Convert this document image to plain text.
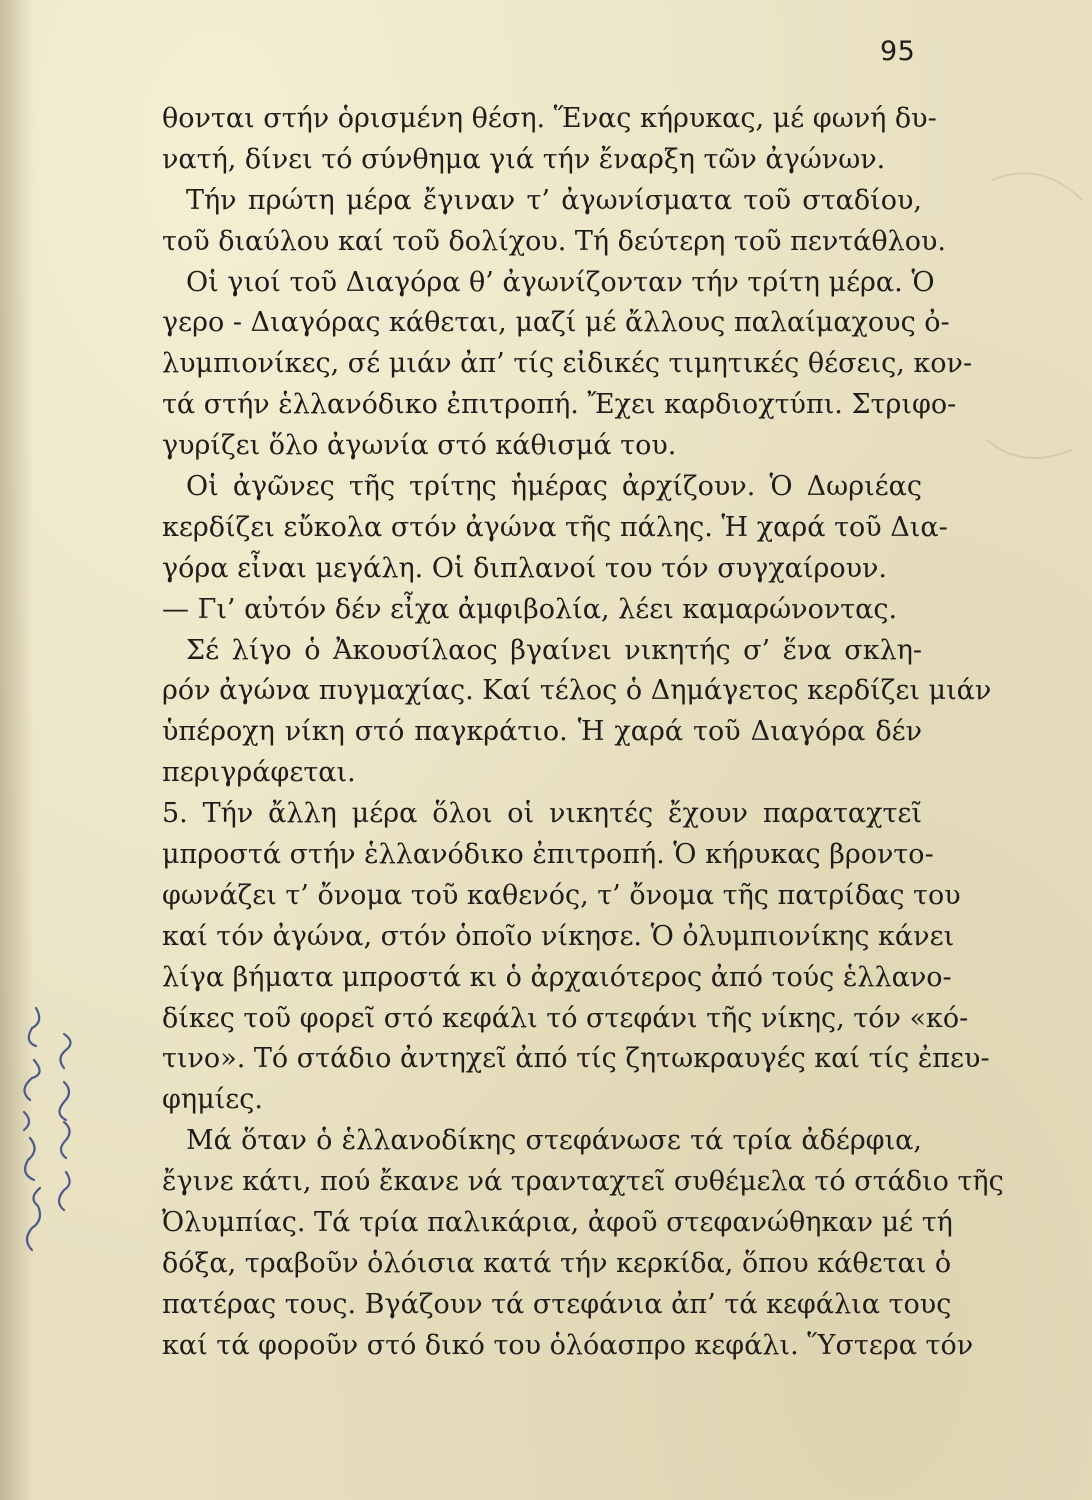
95
θονται στήν ὁρισμένη θέση. Ἕνας κήρυκας, μέ φωνή δυ-
νατή, δίνει τό σύνθημα γιά τήν ἔναρξη τῶν ἀγώνων.
Τήν πρώτη μέρα ἔγιναν τ’ ἀγωνίσματα τοῦ σταδίου,
τοῦ διαύλου καί τοῦ δολίχου. Τή δεύτερη τοῦ πεντάθλου.
Οἱ γιοί τοῦ Διαγόρα θ’ ἀγωνίζονταν τήν τρίτη μέρα. Ὁ
γερο - Διαγόρας κάθεται, μαζί μέ ἄλλους παλαίμαχους ὀ-
λυμπιονίκες, σέ μιάν ἀπ’ τίς εἰδικές τιμητικές θέσεις, κον-
τά στήν ἑλλανόδικο ἐπιτροπή. Ἔχει καρδιοχτύπι. Στριφο-
γυρίζει ὅλο ἀγωνία στό κάθισμά του.
Οἱ ἀγῶνες τῆς τρίτης ἡμέρας ἀρχίζουν. Ὁ Δωριέας
κερδίζει εὔκολα στόν ἀγώνα τῆς πάλης. Ἡ χαρά τοῦ Δια-
γόρα εἶναι μεγάλη. Οἱ διπλανοί του τόν συγχαίρουν.
— Γι’ αὐτόν δέν εἶχα ἀμφιβολία, λέει καμαρώνοντας.
Σέ λίγο ὁ Ἀκουσίλαος βγαίνει νικητής σ’ ἕνα σκλη-
ρόν ἀγώνα πυγμαχίας. Καί τέλος ὁ Δημάγετος κερδίζει μιάν
ὑπέροχη νίκη στό παγκράτιο. Ἡ χαρά τοῦ Διαγόρα δέν
περιγράφεται.
5. Τήν ἄλλη μέρα ὅλοι οἱ νικητές ἔχουν παραταχτεῖ
μπροστά στήν ἑλλανόδικο ἐπιτροπή. Ὁ κήρυκας βροντο-
φωνάζει τ’ ὄνομα τοῦ καθενός, τ’ ὄνομα τῆς πατρίδας του
καί τόν ἀγώνα, στόν ὁποῖο νίκησε. Ὁ ὀλυμπιονίκης κάνει
λίγα βήματα μπροστά κι ὁ ἀρχαιότερος ἀπό τούς ἑλλανο-
δίκες τοῦ φορεῖ στό κεφάλι τό στεφάνι τῆς νίκης, τόν «κό-
τινο». Τό στάδιο ἀντηχεῖ ἀπό τίς ζητωκραυγές καί τίς ἐπευ-
φημίες.
Μά ὅταν ὁ ἑλλανοδίκης στεφάνωσε τά τρία ἀδέρφια,
ἔγινε κάτι, πού ἔκανε νά τρανταχτεῖ συθέμελα τό στάδιο τῆς
Ὀλυμπίας. Τά τρία παλικάρια, ἀφοῦ στεφανώθηκαν μέ τή
δόξα, τραβοῦν ὁλόισια κατά τήν κερκίδα, ὅπου κάθεται ὁ
πατέρας τους. Βγάζουν τά στεφάνια ἀπ’ τά κεφάλια τους
καί τά φοροῦν στό δικό του ὁλόασπρο κεφάλι. Ὕστερα τόν
